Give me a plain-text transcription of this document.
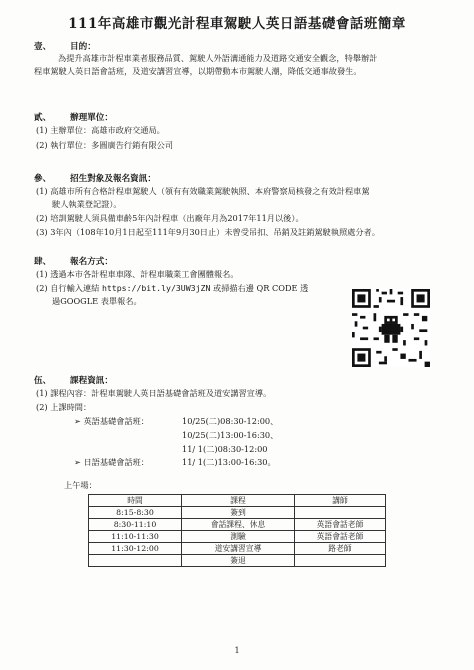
111年高雄市觀光計程車駕駛人英日語基礎會話班簡章
壹、 目的：
為提升高雄市計程車業者服務品質、駕駛人外語溝通能力及道路交通安全觀念，特舉辦計
程車駕駛人英日語會話班，及道安講習宣導，以期帶動本市駕駛人潮，降低交通事故發生。
貳、 辦理單位：
(1) 主辦單位：高雄市政府交通局。
(2) 執行單位：多圓廣告行銷有限公司
參、 招生對象及報名資訊：
(1) 高雄市所有合格計程車駕駛人（領有有效職業駕駛執照、本府警察局核發之有效計程車駕
駛人執業登記證）。
(2) 培訓駕駛人須具備車齡5年內計程車（出廠年月為2017年11月以後）。
(3) 3年內（108年10月1日起至111年9月30日止）未曾受吊扣、吊銷及註銷駕駛執照處分者。
肆、 報名方式：
(1) 透過本市各計程車車隊、計程車職業工會團體報名。
(2) 自行輸入連結 https://bit.ly/3UW3jZN 或掃描右邊 QR CODE 透
過GOOGLE 表單報名。
伍、 課程資訊：
(1) 課程內容：計程車駕駛人英日語基礎會話班及道安講習宣導。
(2) 上課時間：
➢ 英語基礎會話班：	10/25(二)08:30-12:00、
10/25(二)13:00-16:30、
11/ 1(二)08:30-12:00
➢ 日語基礎會話班：	11/ 1(二)13:00-16:30。
上午場：
時間	課程	講師
8:15-8:30	簽到	
8:30-11:10	會話課程、休息	英語會話老師
11:10-11:30	測驗	英語會話老師
11:30-12:00	道安講習宣導	路老師
	簽退	
1
